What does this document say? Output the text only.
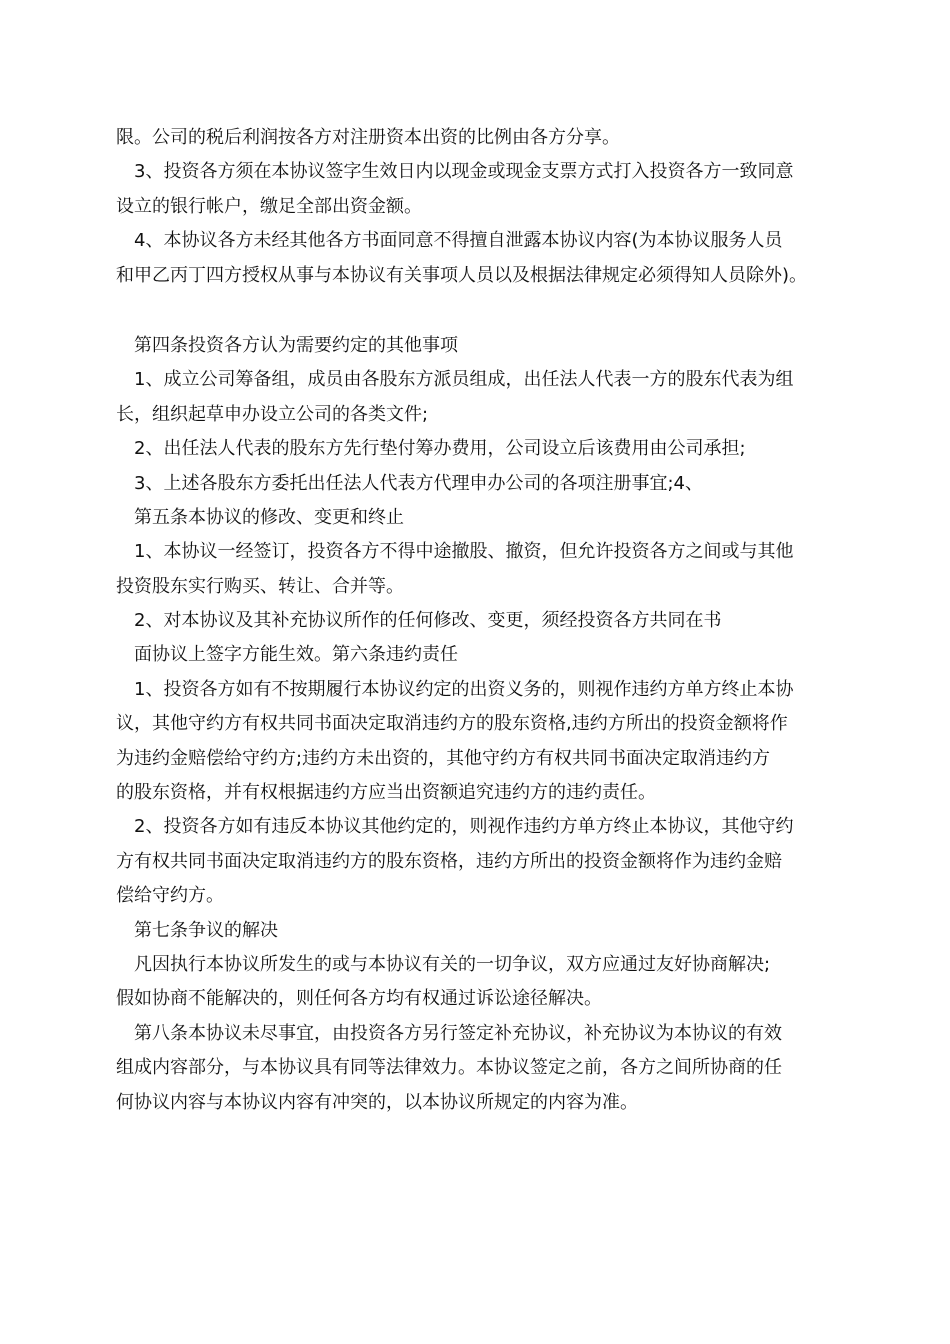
限。公司的税后利润按各方对注册资本出资的比例由各方分享。
3、投资各方须在本协议签字生效日内以现金或现金支票方式打入投资各方一致同意
设立的银行帐户，缴足全部出资金额。
4、本协议各方未经其他各方书面同意不得擅自泄露本协议内容(为本协议服务人员
和甲乙丙丁四方授权从事与本协议有关事项人员以及根据法律规定必须得知人员除外)。
第四条投资各方认为需要约定的其他事项
1、成立公司筹备组，成员由各股东方派员组成，出任法人代表一方的股东代表为组
长，组织起草申办设立公司的各类文件;
2、出任法人代表的股东方先行垫付筹办费用，公司设立后该费用由公司承担;
3、上述各股东方委托出任法人代表方代理申办公司的各项注册事宜;4、
第五条本协议的修改、变更和终止
1、本协议一经签订，投资各方不得中途撤股、撤资，但允许投资各方之间或与其他
投资股东实行购买、转让、合并等。
2、对本协议及其补充协议所作的任何修改、变更，须经投资各方共同在书
面协议上签字方能生效。第六条违约责任
1、投资各方如有不按期履行本协议约定的出资义务的，则视作违约方单方终止本协
议，其他守约方有权共同书面决定取消违约方的股东资格,违约方所出的投资金额将作
为违约金赔偿给守约方;违约方未出资的，其他守约方有权共同书面决定取消违约方
的股东资格，并有权根据违约方应当出资额追究违约方的违约责任。
2、投资各方如有违反本协议其他约定的，则视作违约方单方终止本协议，其他守约
方有权共同书面决定取消违约方的股东资格，违约方所出的投资金额将作为违约金赔
偿给守约方。
第七条争议的解决
凡因执行本协议所发生的或与本协议有关的一切争议，双方应通过友好协商解决;
假如协商不能解决的，则任何各方均有权通过诉讼途径解决。
第八条本协议未尽事宜，由投资各方另行签定补充协议，补充协议为本协议的有效
组成内容部分，与本协议具有同等法律效力。本协议签定之前，各方之间所协商的任
何协议内容与本协议内容有冲突的，以本协议所规定的内容为准。
